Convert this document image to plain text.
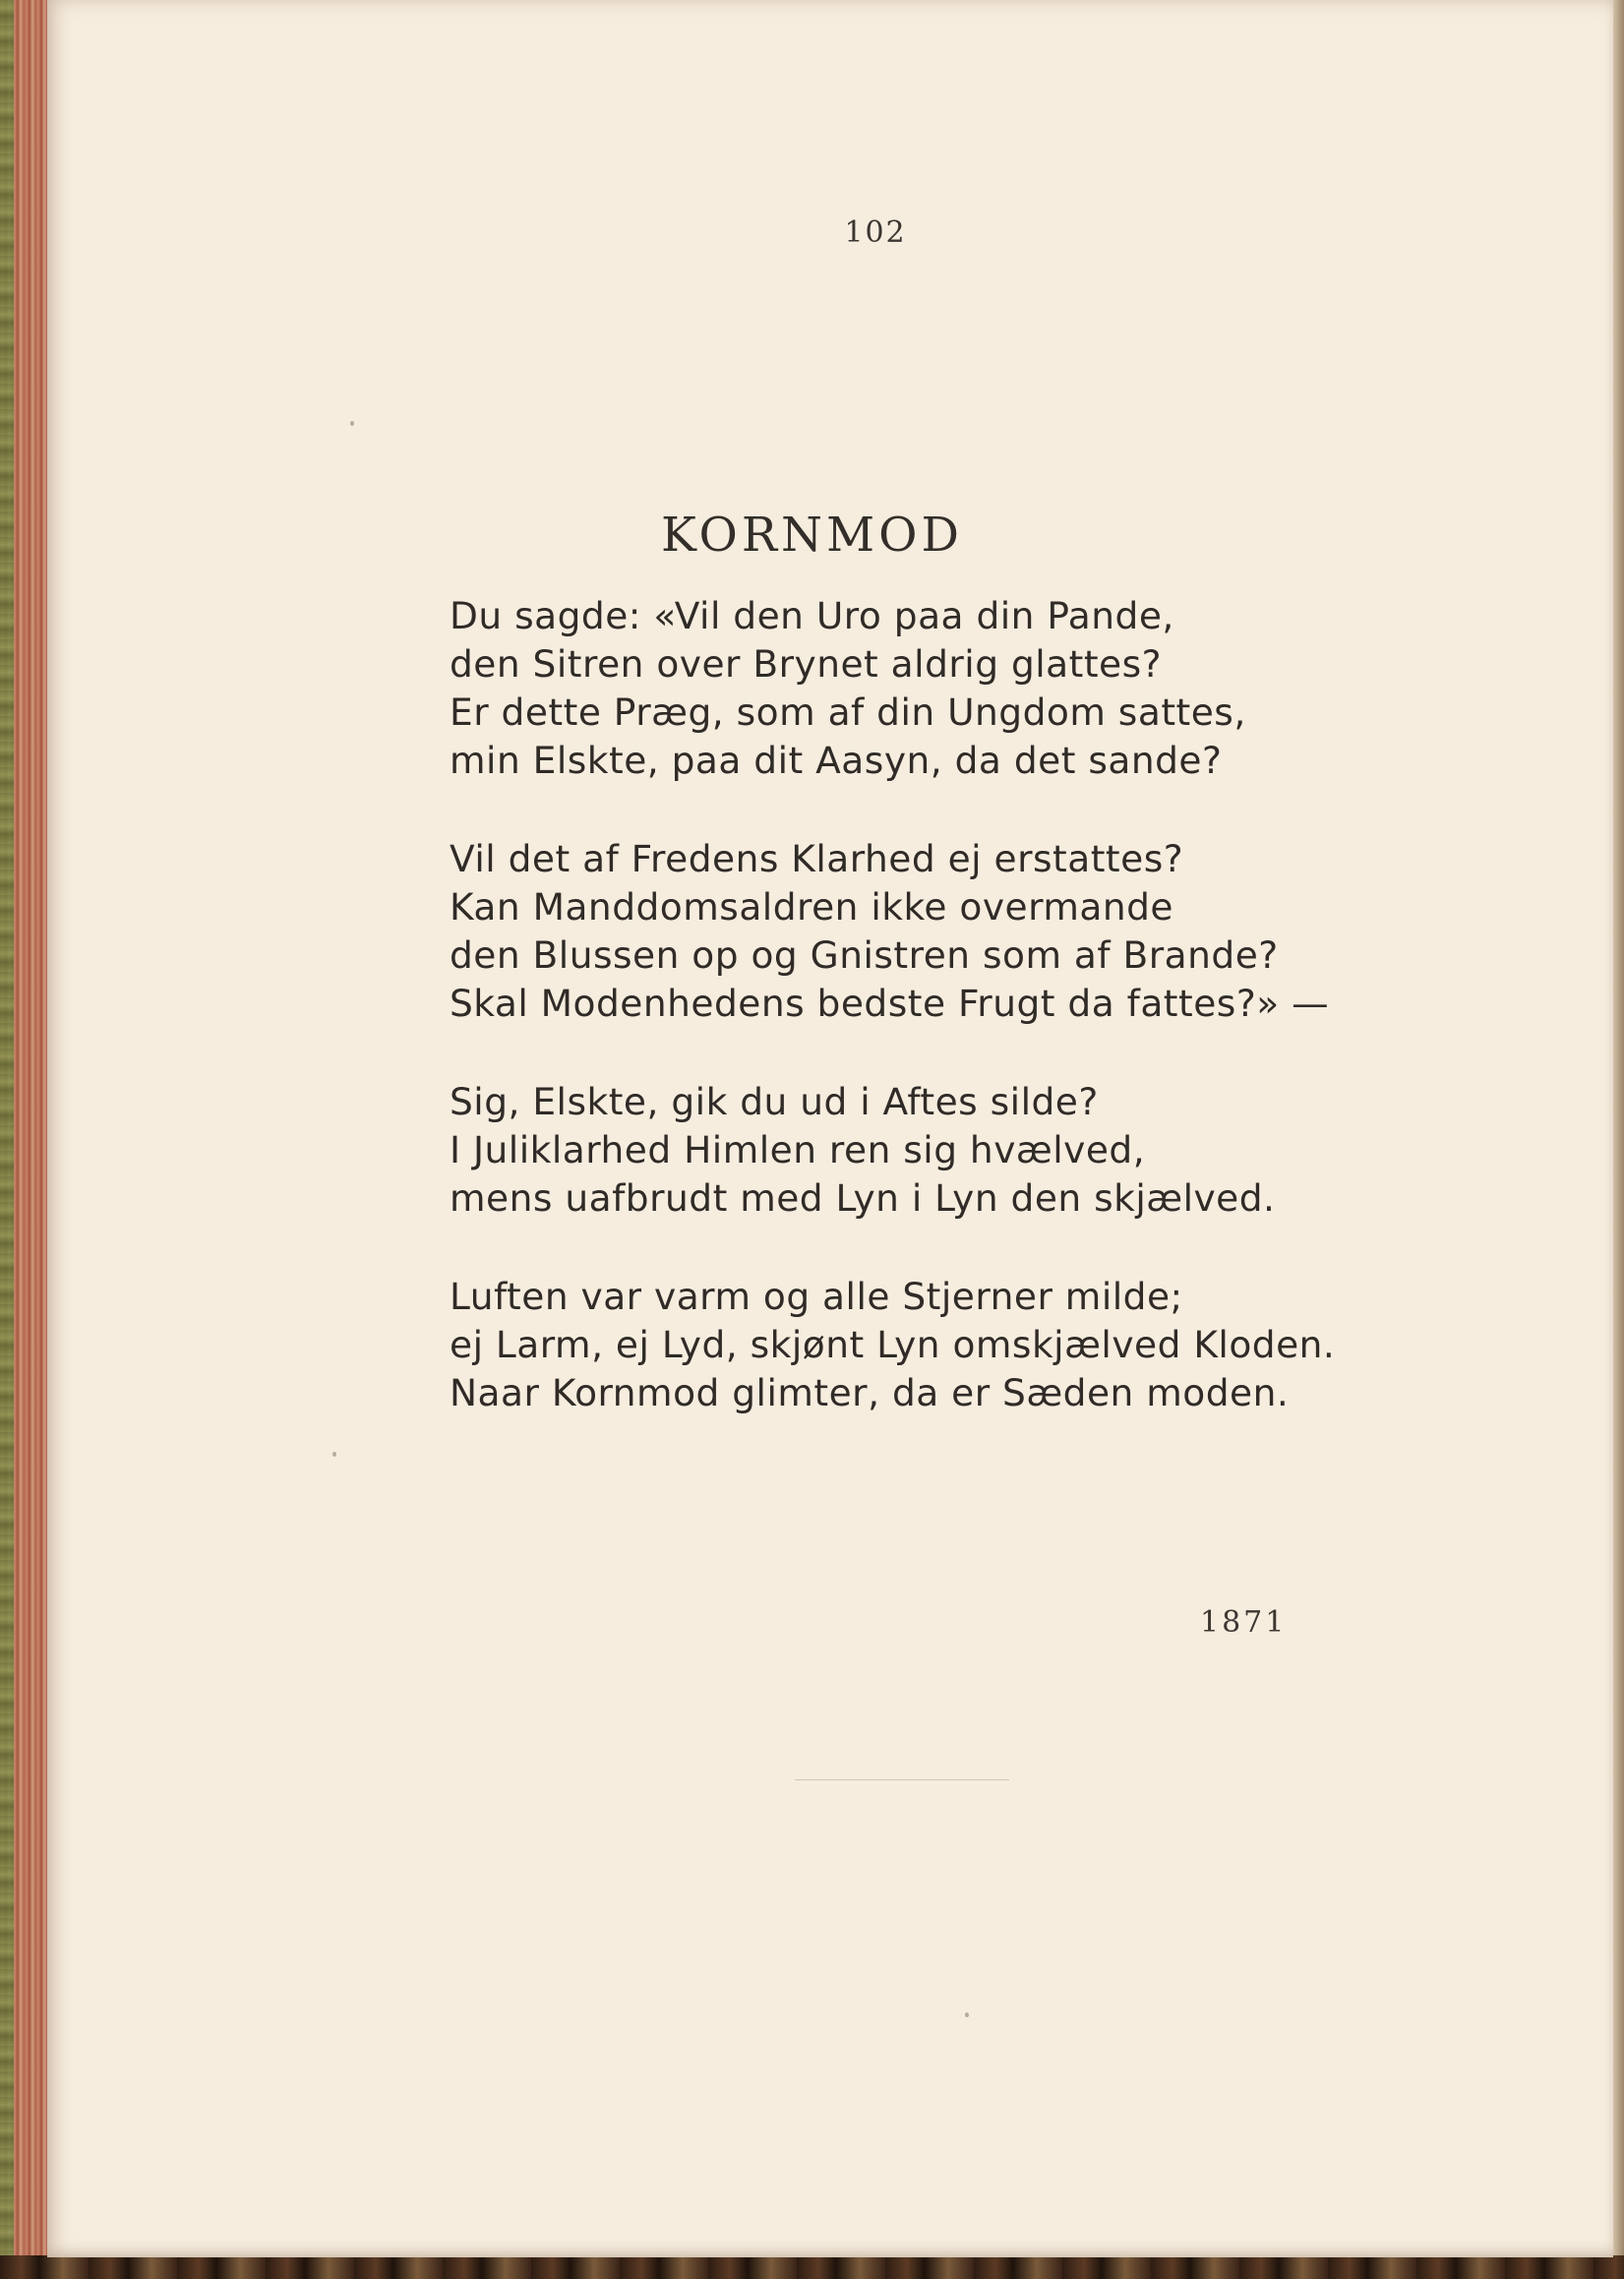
102
KORNMOD
Du sagde: «Vil den Uro paa din Pande,
den Sitren over Brynet aldrig glattes?
Er dette Præg, som af din Ungdom sattes,
min Elskte, paa dit Aasyn, da det sande?
Vil det af Fredens Klarhed ej erstattes?
Kan Manddomsaldren ikke overmande
den Blussen op og Gnistren som af Brande?
Skal Modenhedens bedste Frugt da fattes?» —
Sig, Elskte, gik du ud i Aftes silde?
I Juliklarhed Himlen ren sig hvælved,
mens uafbrudt med Lyn i Lyn den skjælved.
Luften var varm og alle Stjerner milde;
ej Larm, ej Lyd, skjønt Lyn omskjælved Kloden.
Naar Kornmod glimter, da er Sæden moden.
1871
